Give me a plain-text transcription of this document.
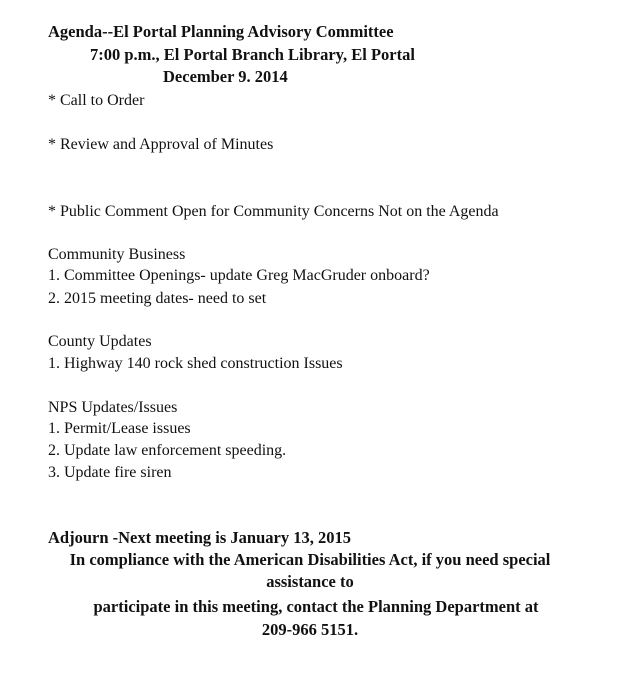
Agenda--El Portal Planning Advisory Committee
7:00 p.m., El Portal Branch Library, El Portal
December 9. 2014
* Call to Order
* Review and Approval of Minutes
* Public Comment Open for Community Concerns Not on the Agenda
Community Business
1. Committee Openings- update Greg MacGruder onboard?
2. 2015 meeting dates- need to set
County Updates
1. Highway 140 rock shed construction Issues
NPS Updates/Issues
1. Permit/Lease issues
2. Update law enforcement speeding.
3. Update fire siren
Adjourn -Next meeting is January 13, 2015
In compliance with the American Disabilities Act, if you need special
assistance to
participate in this meeting, contact the Planning Department at
209-966 5151.
